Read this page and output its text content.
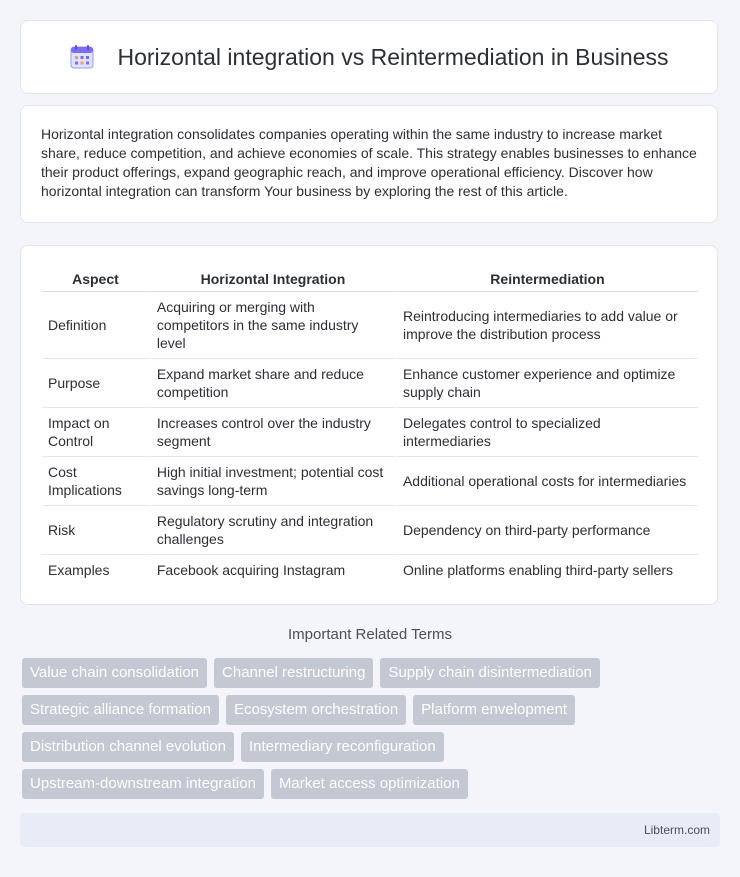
Horizontal integration vs Reintermediation in Business

Horizontal integration consolidates companies operating within the same industry to increase market share, reduce competition, and achieve economies of scale. This strategy enables businesses to enhance their product offerings, expand geographic reach, and improve operational efficiency. Discover how horizontal integration can transform Your business by exploring the rest of this article.

Aspect	Horizontal Integration	Reintermediation
Definition	Acquiring or merging with competitors in the same industry level	Reintroducing intermediaries to add value or improve the distribution process
Purpose	Expand market share and reduce competition	Enhance customer experience and optimize supply chain
Impact on Control	Increases control over the industry segment	Delegates control to specialized intermediaries
Cost Implications	High initial investment; potential cost savings long-term	Additional operational costs for intermediaries
Risk	Regulatory scrutiny and integration challenges	Dependency on third-party performance
Examples	Facebook acquiring Instagram	Online platforms enabling third-party sellers
Important Related Terms
Value chain consolidation	Channel restructuring	Supply chain disintermediation
Strategic alliance formation	Ecosystem orchestration	Platform envelopment
Distribution channel evolution	Intermediary reconfiguration
Upstream-downstream integration	Market access optimization
Libterm.com
